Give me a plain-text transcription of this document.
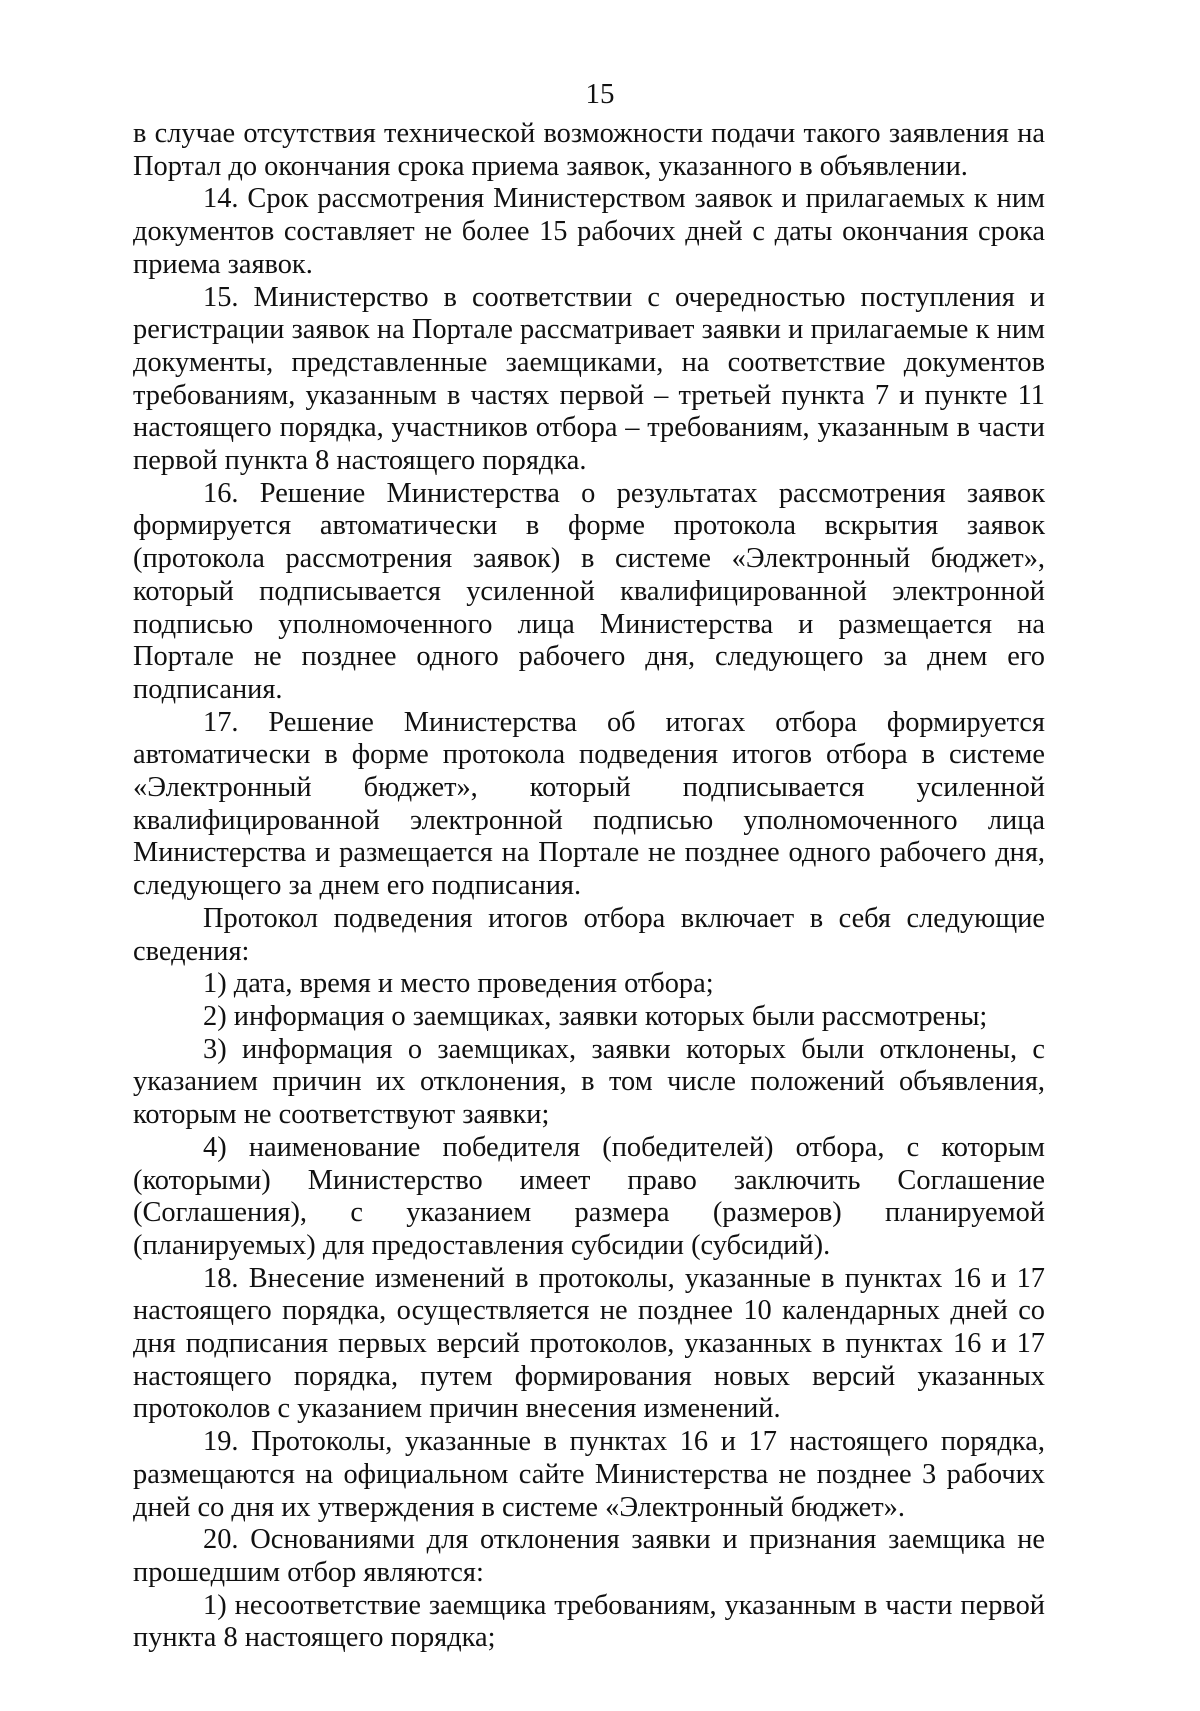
15

в случае отсутствия технической возможности подачи такого заявления на Портал до окончания срока приема заявок, указанного в объявлении.

14. Срок рассмотрения Министерством заявок и прилагаемых к ним документов составляет не более 15 рабочих дней с даты окончания срока приема заявок.

15. Министерство в соответствии с очередностью поступления и регистрации заявок на Портале рассматривает заявки и прилагаемые к ним документы, представленные заемщиками, на соответствие документов требованиям, указанным в частях первой – третьей пункта 7 и пункте 11 настоящего порядка, участников отбора – требованиям, указанным в части первой пункта 8 настоящего порядка.

16. Решение Министерства о результатах рассмотрения заявок формируется автоматически в форме протокола вскрытия заявок (протокола рассмотрения заявок) в системе «Электронный бюджет», который подписывается усиленной квалифицированной электронной подписью уполномоченного лица Министерства и размещается на Портале не позднее одного рабочего дня, следующего за днем его подписания.

17. Решение Министерства об итогах отбора формируется автоматически в форме протокола подведения итогов отбора в системе «Электронный бюджет», который подписывается усиленной квалифицированной электронной подписью уполномоченного лица Министерства и размещается на Портале не позднее одного рабочего дня, следующего за днем его подписания.

Протокол подведения итогов отбора включает в себя следующие сведения:

1) дата, время и место проведения отбора;

2) информация о заемщиках, заявки которых были рассмотрены;

3) информация о заемщиках, заявки которых были отклонены, с указанием причин их отклонения, в том числе положений объявления, которым не соответствуют заявки;

4) наименование победителя (победителей) отбора, с которым (которыми) Министерство имеет право заключить Соглашение (Соглашения), с указанием размера (размеров) планируемой (планируемых) для предоставления субсидии (субсидий).

18. Внесение изменений в протоколы, указанные в пунктах 16 и 17 настоящего порядка, осуществляется не позднее 10 календарных дней со дня подписания первых версий протоколов, указанных в пунктах 16 и 17 настоящего порядка, путем формирования новых версий указанных протоколов с указанием причин внесения изменений.

19. Протоколы, указанные в пунктах 16 и 17 настоящего порядка, размещаются на официальном сайте Министерства не позднее 3 рабочих дней со дня их утверждения в системе «Электронный бюджет».

20. Основаниями для отклонения заявки и признания заемщика не прошедшим отбор являются:

1) несоответствие заемщика требованиям, указанным в части первой пункта 8 настоящего порядка;
